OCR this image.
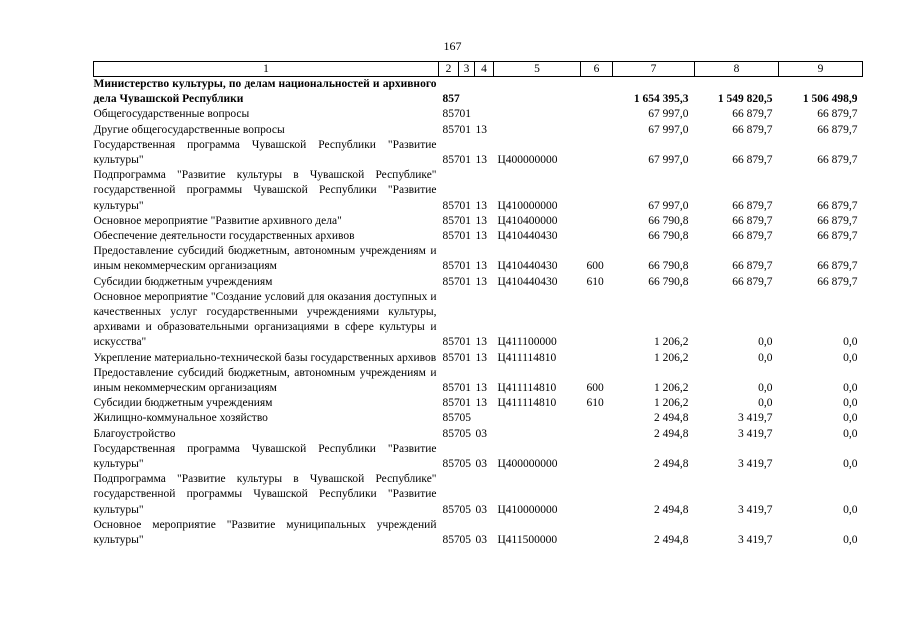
167
1	2	3	4	5	6	7	8	9
Министерство культуры, по делам национальностей и архивного дела Чувашской Республики	857					1 654 395,3	1 549 820,5	1 506 498,9
Общегосударственные вопросы	857	01				67 997,0	66 879,7	66 879,7
Другие общегосударственные вопросы	857	01	13			67 997,0	66 879,7	66 879,7
Государственная программа Чувашской Республики "Развитие культуры"	857	01	13	Ц400000000		67 997,0	66 879,7	66 879,7
Подпрограмма "Развитие культуры в Чувашской Республике" государственной программы Чувашской Республики "Развитие культуры"	857	01	13	Ц410000000		67 997,0	66 879,7	66 879,7
Основное мероприятие "Развитие архивного дела"	857	01	13	Ц410400000		66 790,8	66 879,7	66 879,7
Обеспечение деятельности государственных архивов	857	01	13	Ц410440430		66 790,8	66 879,7	66 879,7
Предоставление субсидий бюджетным, автономным учреждениям и иным некоммерческим организациям	857	01	13	Ц410440430	600	66 790,8	66 879,7	66 879,7
Субсидии бюджетным учреждениям	857	01	13	Ц410440430	610	66 790,8	66 879,7	66 879,7
Основное мероприятие "Создание условий для оказания доступных и качественных услуг государственными учреждениями культуры, архивами и образовательными организациями в сфере культуры и искусства"	857	01	13	Ц411100000		1 206,2	0,0	0,0
Укрепление материально-технической базы государственных архивов	857	01	13	Ц411114810		1 206,2	0,0	0,0
Предоставление субсидий бюджетным, автономным учреждениям и иным некоммерческим организациям	857	01	13	Ц411114810	600	1 206,2	0,0	0,0
Субсидии бюджетным учреждениям	857	01	13	Ц411114810	610	1 206,2	0,0	0,0
Жилищно-коммунальное хозяйство	857	05				2 494,8	3 419,7	0,0
Благоустройство	857	05	03			2 494,8	3 419,7	0,0
Государственная программа Чувашской Республики "Развитие культуры"	857	05	03	Ц400000000		2 494,8	3 419,7	0,0
Подпрограмма "Развитие культуры в Чувашской Республике" государственной программы Чувашской Республики "Развитие культуры"	857	05	03	Ц410000000		2 494,8	3 419,7	0,0
Основное мероприятие "Развитие муниципальных учреждений культуры"	857	05	03	Ц411500000		2 494,8	3 419,7	0,0
